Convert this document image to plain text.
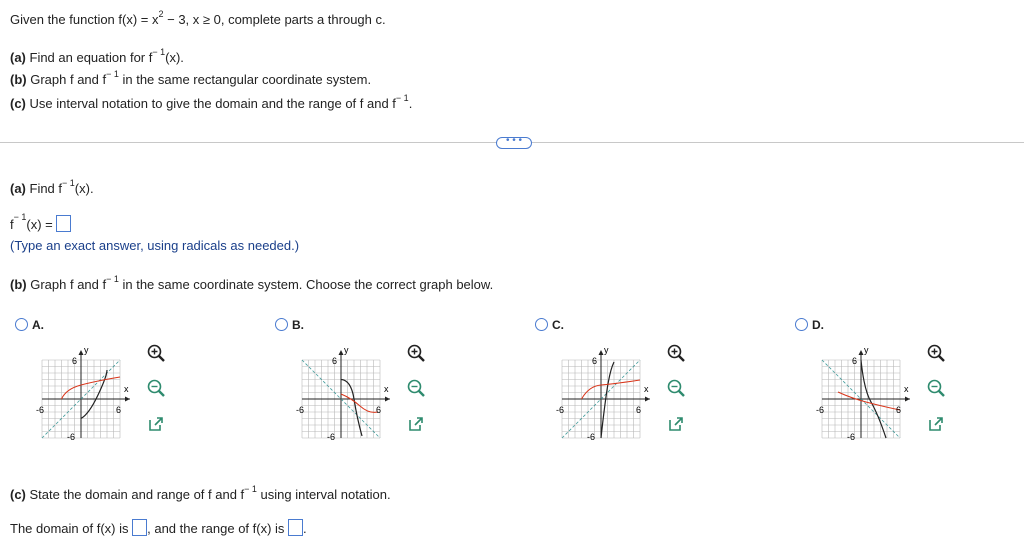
Given the function $f(x) = x^2 - 3$, x ≥ 0, complete parts a through c.
(a) Find an equation for $f^{- 1}(x)$.
(b) Graph f and $f^{- 1}$ in the same rectangular coordinate system.
(c) Use interval notation to give the domain and the range of f and $f^{- 1}$.
• • •
(a) Find $f^{- 1}(x)$.
$f^{- 1}(x)$ =
(Type an exact answer, using radicals as needed.)
(b) Graph f and $f^{- 1}$ in the same coordinate system. Choose the correct graph below.
A.	B.	C.	D.
6
-6	6
-6
x
y
6
-6	6
-6
x
y
6
-6	6
-6
x
y
6
-6	6
-6
x
y
(c) State the domain and range of f and $f^{- 1}$ using interval notation.
The domain of f(x) is , and the range of f(x) is .
